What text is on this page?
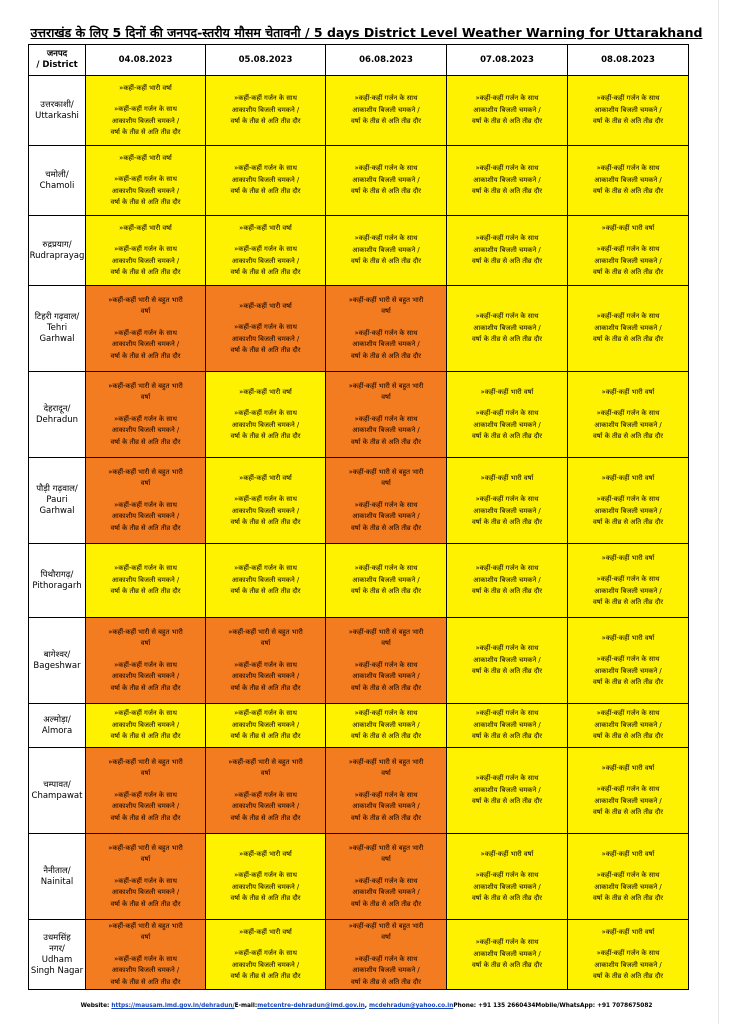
उत्तराखंड के लिए 5 दिनों की जनपद-स्तरीय मौसम चेतावनी / 5 days District Level Weather Warning for Uttarakhand
जनपद
/ District	04.08.2023	05.08.2023	06.08.2023	07.08.2023	08.08.2023

उत्तरकाशी/
Uttarkashi	»कहीं-कहीं भारी वर्षा
»कहीं-कहीं गर्जन के साथ
आकाशीय बिजली चमकने /
वर्षा के तीव्र से अति तीव्र दौर	»कहीं-कहीं गर्जन के साथ
आकाशीय बिजली चमकने /
वर्षा के तीव्र से अति तीव्र दौर	»कहीं-कहीं गर्जन के साथ
आकाशीय बिजली चमकने /
वर्षा के तीव्र से अति तीव्र दौर	»कहीं-कहीं गर्जन के साथ
आकाशीय बिजली चमकने /
वर्षा के तीव्र से अति तीव्र दौर	»कहीं-कहीं गर्जन के साथ
आकाशीय बिजली चमकने /
वर्षा के तीव्र से अति तीव्र दौर

चमोली/
Chamoli	»कहीं-कहीं भारी वर्षा
»कहीं-कहीं गर्जन के साथ
आकाशीय बिजली चमकने /
वर्षा के तीव्र से अति तीव्र दौर	»कहीं-कहीं गर्जन के साथ
आकाशीय बिजली चमकने /
वर्षा के तीव्र से अति तीव्र दौर	»कहीं-कहीं गर्जन के साथ
आकाशीय बिजली चमकने /
वर्षा के तीव्र से अति तीव्र दौर	»कहीं-कहीं गर्जन के साथ
आकाशीय बिजली चमकने /
वर्षा के तीव्र से अति तीव्र दौर	»कहीं-कहीं गर्जन के साथ
आकाशीय बिजली चमकने /
वर्षा के तीव्र से अति तीव्र दौर

रुद्रप्रयाग/
Rudraprayag	»कहीं-कहीं भारी वर्षा
»कहीं-कहीं गर्जन के साथ
आकाशीय बिजली चमकने /
वर्षा के तीव्र से अति तीव्र दौर	»कहीं-कहीं भारी वर्षा
»कहीं-कहीं गर्जन के साथ
आकाशीय बिजली चमकने /
वर्षा के तीव्र से अति तीव्र दौर	»कहीं-कहीं गर्जन के साथ
आकाशीय बिजली चमकने /
वर्षा के तीव्र से अति तीव्र दौर	»कहीं-कहीं गर्जन के साथ
आकाशीय बिजली चमकने /
वर्षा के तीव्र से अति तीव्र दौर	»कहीं-कहीं भारी वर्षा
»कहीं-कहीं गर्जन के साथ
आकाशीय बिजली चमकने /
वर्षा के तीव्र से अति तीव्र दौर

टिहरी गढ़वाल/
Tehri
Garhwal	»कहीं-कहीं भारी से बहुत भारी
वर्षा
»कहीं-कहीं गर्जन के साथ
आकाशीय बिजली चमकने /
वर्षा के तीव्र से अति तीव्र दौर	»कहीं-कहीं भारी वर्षा
»कहीं-कहीं गर्जन के साथ
आकाशीय बिजली चमकने /
वर्षा के तीव्र से अति तीव्र दौर	»कहीं-कहीं भारी से बहुत भारी
वर्षा
»कहीं-कहीं गर्जन के साथ
आकाशीय बिजली चमकने /
वर्षा के तीव्र से अति तीव्र दौर	»कहीं-कहीं गर्जन के साथ
आकाशीय बिजली चमकने /
वर्षा के तीव्र से अति तीव्र दौर	»कहीं-कहीं गर्जन के साथ
आकाशीय बिजली चमकने /
वर्षा के तीव्र से अति तीव्र दौर

देहरादून/
Dehradun	»कहीं-कहीं भारी से बहुत भारी
वर्षा
»कहीं-कहीं गर्जन के साथ
आकाशीय बिजली चमकने /
वर्षा के तीव्र से अति तीव्र दौर	»कहीं-कहीं भारी वर्षा
»कहीं-कहीं गर्जन के साथ
आकाशीय बिजली चमकने /
वर्षा के तीव्र से अति तीव्र दौर	»कहीं-कहीं भारी से बहुत भारी
वर्षा
»कहीं-कहीं गर्जन के साथ
आकाशीय बिजली चमकने /
वर्षा के तीव्र से अति तीव्र दौर	»कहीं-कहीं भारी वर्षा
»कहीं-कहीं गर्जन के साथ
आकाशीय बिजली चमकने /
वर्षा के तीव्र से अति तीव्र दौर	»कहीं-कहीं भारी वर्षा
»कहीं-कहीं गर्जन के साथ
आकाशीय बिजली चमकने /
वर्षा के तीव्र से अति तीव्र दौर

पौड़ी गढ़वाल/
Pauri
Garhwal	»कहीं-कहीं भारी से बहुत भारी
वर्षा
»कहीं-कहीं गर्जन के साथ
आकाशीय बिजली चमकने /
वर्षा के तीव्र से अति तीव्र दौर	»कहीं-कहीं भारी वर्षा
»कहीं-कहीं गर्जन के साथ
आकाशीय बिजली चमकने /
वर्षा के तीव्र से अति तीव्र दौर	»कहीं-कहीं भारी से बहुत भारी
वर्षा
»कहीं-कहीं गर्जन के साथ
आकाशीय बिजली चमकने /
वर्षा के तीव्र से अति तीव्र दौर	»कहीं-कहीं भारी वर्षा
»कहीं-कहीं गर्जन के साथ
आकाशीय बिजली चमकने /
वर्षा के तीव्र से अति तीव्र दौर	»कहीं-कहीं भारी वर्षा
»कहीं-कहीं गर्जन के साथ
आकाशीय बिजली चमकने /
वर्षा के तीव्र से अति तीव्र दौर

पिथौरागढ़/
Pithoragarh	»कहीं-कहीं गर्जन के साथ
आकाशीय बिजली चमकने /
वर्षा के तीव्र से अति तीव्र दौर	»कहीं-कहीं गर्जन के साथ
आकाशीय बिजली चमकने /
वर्षा के तीव्र से अति तीव्र दौर	»कहीं-कहीं गर्जन के साथ
आकाशीय बिजली चमकने /
वर्षा के तीव्र से अति तीव्र दौर	»कहीं-कहीं गर्जन के साथ
आकाशीय बिजली चमकने /
वर्षा के तीव्र से अति तीव्र दौर	»कहीं-कहीं भारी वर्षा
»कहीं-कहीं गर्जन के साथ
आकाशीय बिजली चमकने /
वर्षा के तीव्र से अति तीव्र दौर

बागेश्वर/
Bageshwar	»कहीं-कहीं भारी से बहुत भारी
वर्षा
»कहीं-कहीं गर्जन के साथ
आकाशीय बिजली चमकने /
वर्षा के तीव्र से अति तीव्र दौर	»कहीं-कहीं भारी से बहुत भारी
वर्षा
»कहीं-कहीं गर्जन के साथ
आकाशीय बिजली चमकने /
वर्षा के तीव्र से अति तीव्र दौर	»कहीं-कहीं भारी से बहुत भारी
वर्षा
»कहीं-कहीं गर्जन के साथ
आकाशीय बिजली चमकने /
वर्षा के तीव्र से अति तीव्र दौर	»कहीं-कहीं गर्जन के साथ
आकाशीय बिजली चमकने /
वर्षा के तीव्र से अति तीव्र दौर	»कहीं-कहीं भारी वर्षा
»कहीं-कहीं गर्जन के साथ
आकाशीय बिजली चमकने /
वर्षा के तीव्र से अति तीव्र दौर

अल्मोड़ा/
Almora	»कहीं-कहीं गर्जन के साथ
आकाशीय बिजली चमकने /
वर्षा के तीव्र से अति तीव्र दौर	»कहीं-कहीं गर्जन के साथ
आकाशीय बिजली चमकने /
वर्षा के तीव्र से अति तीव्र दौर	»कहीं-कहीं गर्जन के साथ
आकाशीय बिजली चमकने /
वर्षा के तीव्र से अति तीव्र दौर	»कहीं-कहीं गर्जन के साथ
आकाशीय बिजली चमकने /
वर्षा के तीव्र से अति तीव्र दौर	»कहीं-कहीं गर्जन के साथ
आकाशीय बिजली चमकने /
वर्षा के तीव्र से अति तीव्र दौर

चम्पावत/
Champawat	»कहीं-कहीं भारी से बहुत भारी
वर्षा
»कहीं-कहीं गर्जन के साथ
आकाशीय बिजली चमकने /
वर्षा के तीव्र से अति तीव्र दौर	»कहीं-कहीं भारी से बहुत भारी
वर्षा
»कहीं-कहीं गर्जन के साथ
आकाशीय बिजली चमकने /
वर्षा के तीव्र से अति तीव्र दौर	»कहीं-कहीं भारी से बहुत भारी
वर्षा
»कहीं-कहीं गर्जन के साथ
आकाशीय बिजली चमकने /
वर्षा के तीव्र से अति तीव्र दौर	»कहीं-कहीं गर्जन के साथ
आकाशीय बिजली चमकने /
वर्षा के तीव्र से अति तीव्र दौर	»कहीं-कहीं भारी वर्षा
»कहीं-कहीं गर्जन के साथ
आकाशीय बिजली चमकने /
वर्षा के तीव्र से अति तीव्र दौर

नैनीताल/
Nainital	»कहीं-कहीं भारी से बहुत भारी
वर्षा
»कहीं-कहीं गर्जन के साथ
आकाशीय बिजली चमकने /
वर्षा के तीव्र से अति तीव्र दौर	»कहीं-कहीं भारी वर्षा
»कहीं-कहीं गर्जन के साथ
आकाशीय बिजली चमकने /
वर्षा के तीव्र से अति तीव्र दौर	»कहीं-कहीं भारी से बहुत भारी
वर्षा
»कहीं-कहीं गर्जन के साथ
आकाशीय बिजली चमकने /
वर्षा के तीव्र से अति तीव्र दौर	»कहीं-कहीं भारी वर्षा
»कहीं-कहीं गर्जन के साथ
आकाशीय बिजली चमकने /
वर्षा के तीव्र से अति तीव्र दौर	»कहीं-कहीं भारी वर्षा
»कहीं-कहीं गर्जन के साथ
आकाशीय बिजली चमकने /
वर्षा के तीव्र से अति तीव्र दौर

उधमसिंह
नगर/
Udham Singh Nagar	»कहीं-कहीं भारी से बहुत भारी
वर्षा
»कहीं-कहीं गर्जन के साथ
आकाशीय बिजली चमकने /
वर्षा के तीव्र से अति तीव्र दौर	»कहीं-कहीं भारी वर्षा
»कहीं-कहीं गर्जन के साथ
आकाशीय बिजली चमकने /
वर्षा के तीव्र से अति तीव्र दौर	»कहीं-कहीं भारी से बहुत भारी
वर्षा
»कहीं-कहीं गर्जन के साथ
आकाशीय बिजली चमकने /
वर्षा के तीव्र से अति तीव्र दौर	»कहीं-कहीं गर्जन के साथ
आकाशीय बिजली चमकने /
वर्षा के तीव्र से अति तीव्र दौर	»कहीं-कहीं भारी वर्षा
»कहीं-कहीं गर्जन के साथ
आकाशीय बिजली चमकने /
वर्षा के तीव्र से अति तीव्र दौर
Website: https://mausam.imd.gov.in/dehradun/E-mail:metcentre-dehradun@imd.gov.in, mcdehradun@yahoo.co.inPhone: +91 135 2660434Mobile/WhatsApp: +91 7078675082
